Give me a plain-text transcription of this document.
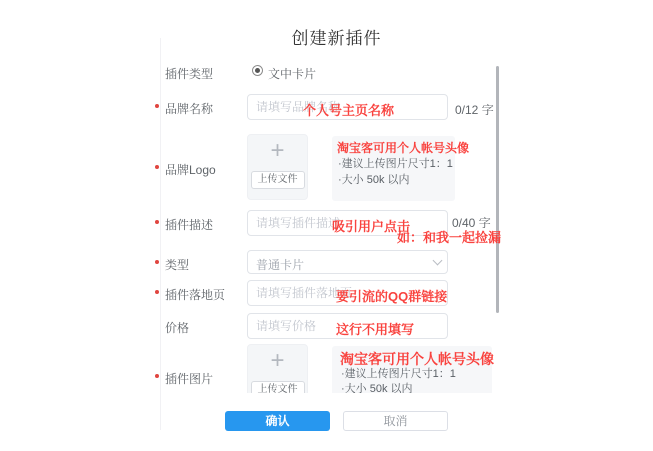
创建新插件
插件类型	文中卡片
品牌名称
请填写品牌名称	个人号主页名称	0/12 字
品牌Logo
+
上传文件
淘宝客可用个人帐号头像
·建议上传图片尺寸1：1
·大小 50k 以内
插件描述
请填写插件描述	吸引用户点击	0/40 字
如：和我一起捡漏
类型	普通卡片
插件落地页
请填写插件落地页	要引流的QQ群链接
价格
请填写价格	这行不用填写
插件图片
+
上传文件
淘宝客可用个人帐号头像
·建议上传图片尺寸1：1
·大小 50k 以内
确认	取消
